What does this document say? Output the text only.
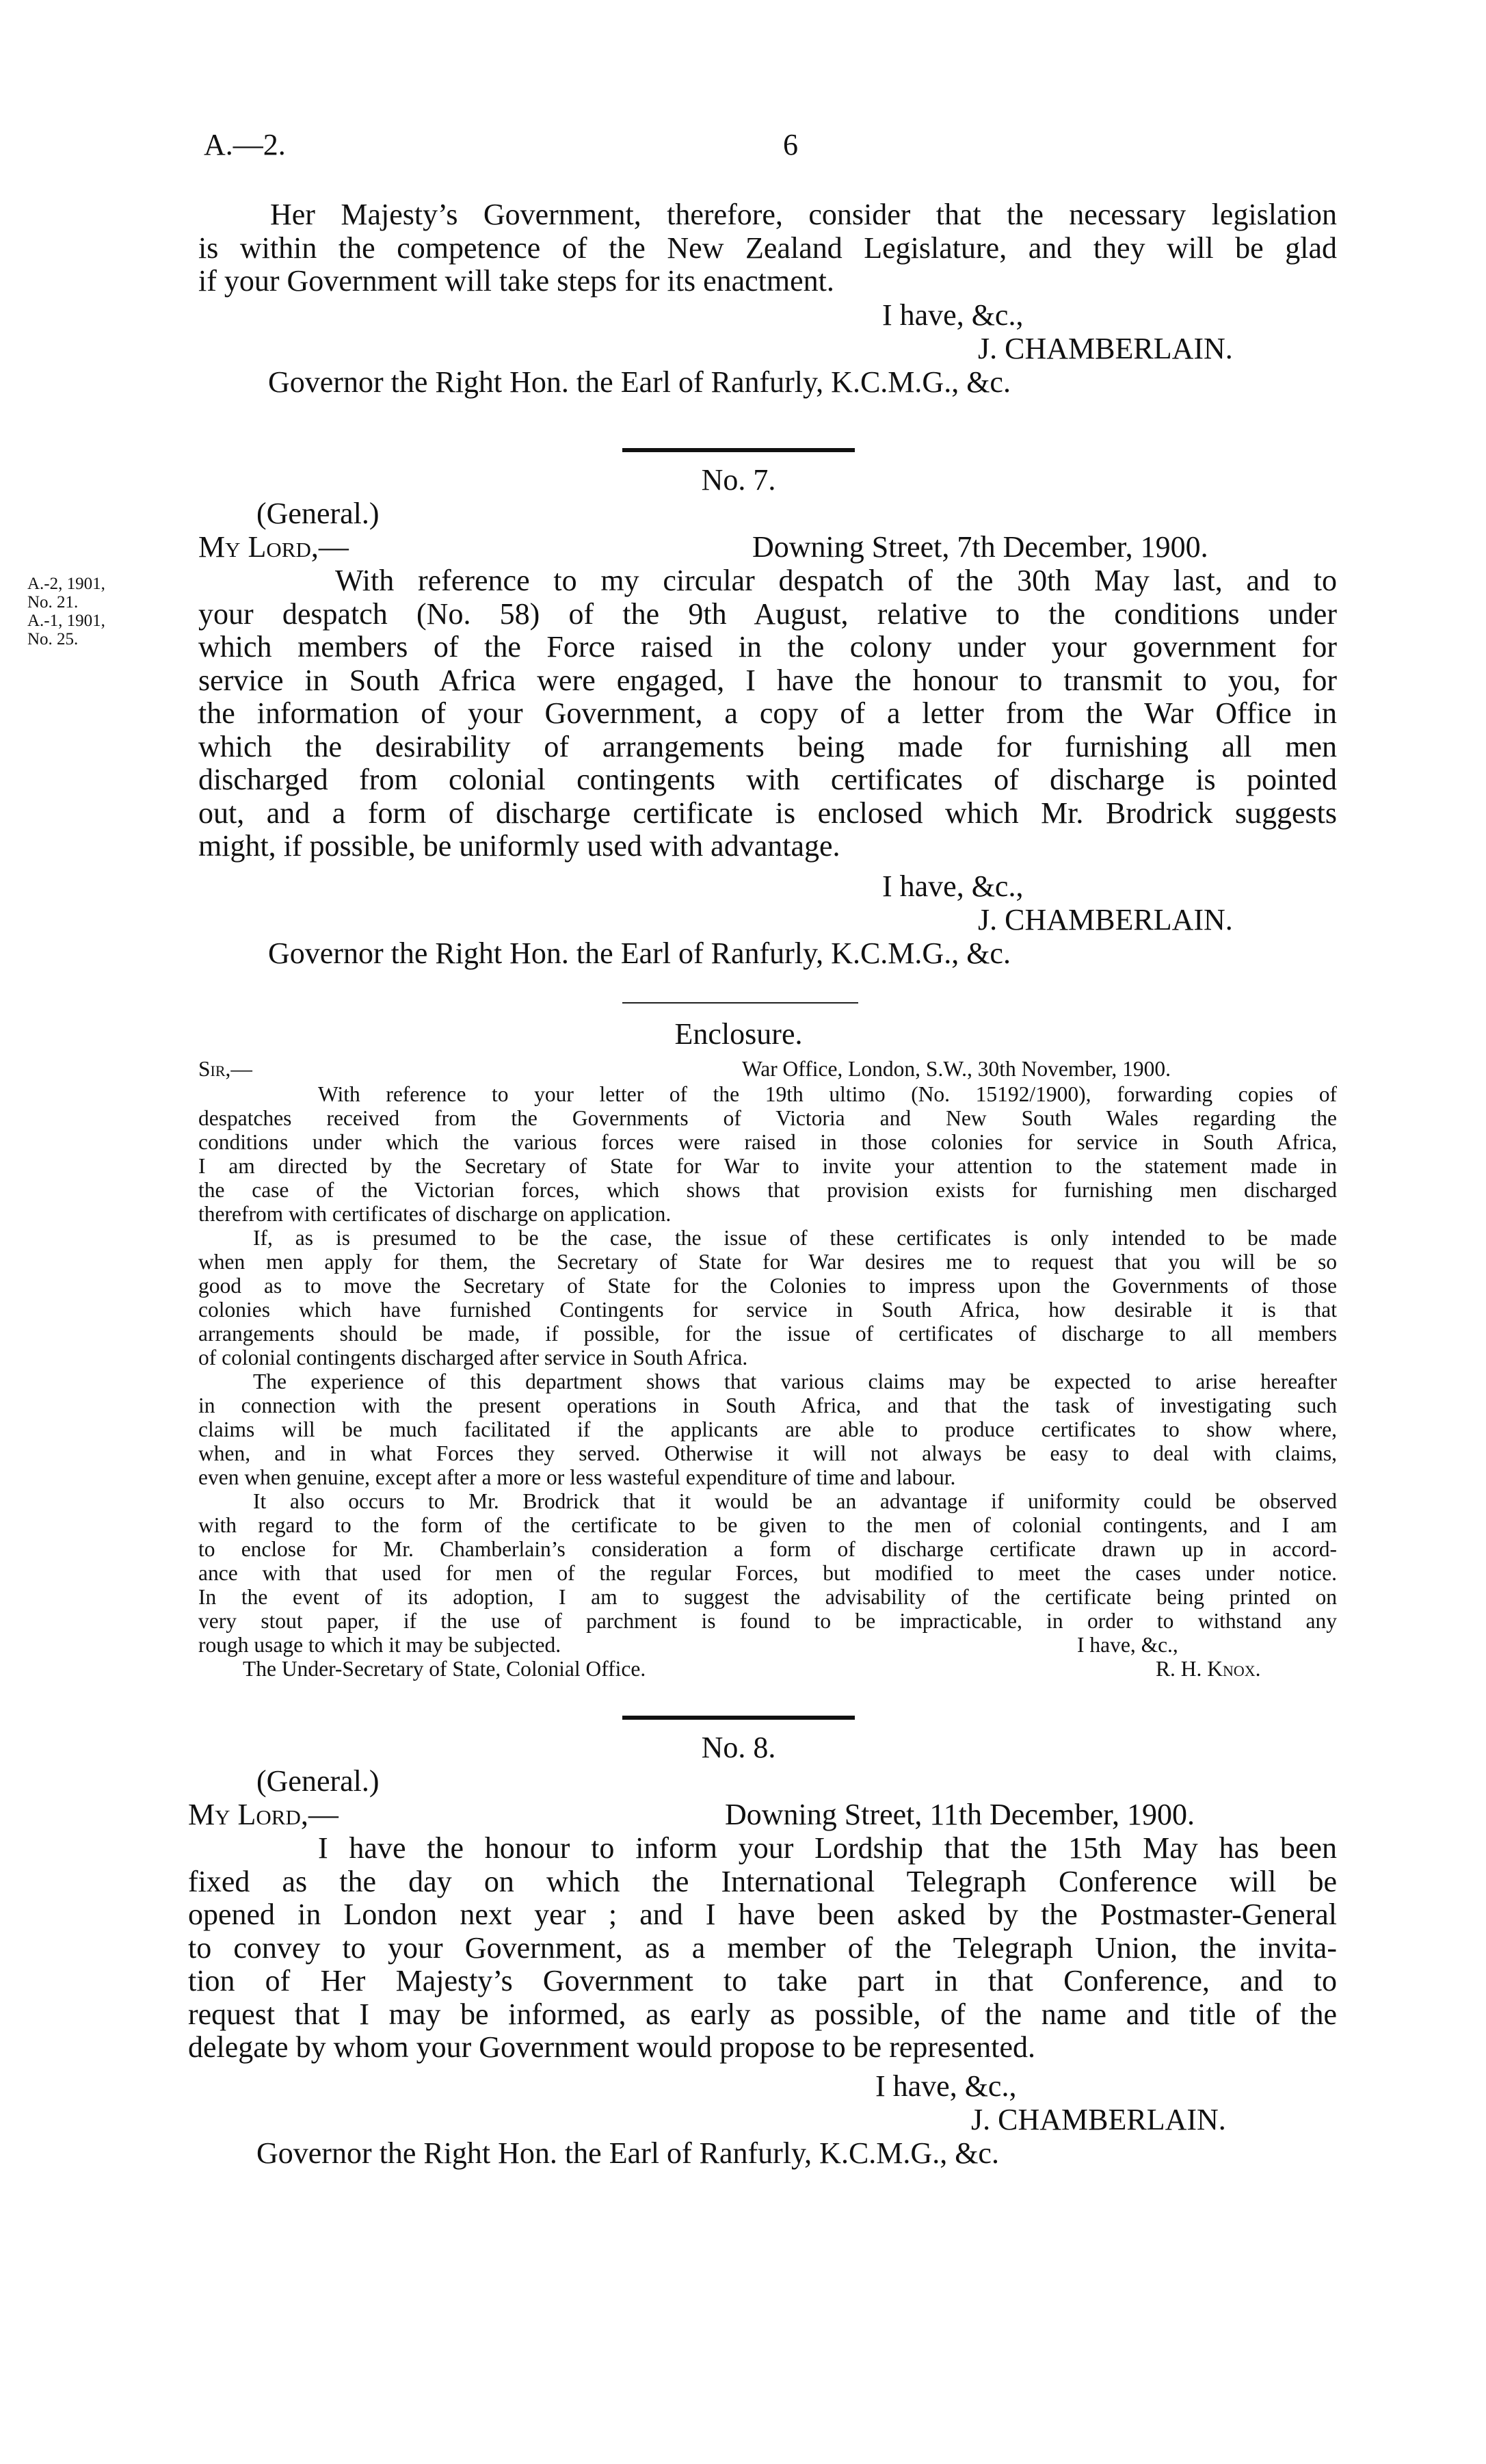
A.—2.	6
Her Majesty’s Government, therefore, consider that the necessary legislation
is within the competence of the New Zealand Legislature, and they will be glad
if your Government will take steps for its enactment.
I have, &c.,
J. CHAMBERLAIN.
Governor the Right Hon. the Earl of Ranfurly, K.C.M.G., &c.
No. 7.
(General.)
My Lord,—	Downing Street, 7th December, 1900.
A.-2, 1901,
No. 21.
A.-1, 1901,
No. 25.
With reference to my circular despatch of the 30th May last, and to
your despatch (No. 58) of the 9th August, relative to the conditions under
which members of the Force raised in the colony under your government for
service in South Africa were engaged, I have the honour to transmit to you, for
the information of your Government, a copy of a letter from the War Office in
which the desirability of arrangements being made for furnishing all men
discharged from colonial contingents with certificates of discharge is pointed
out, and a form of discharge certificate is enclosed which Mr. Brodrick suggests
might, if possible, be uniformly used with advantage.
I have, &c.,
J. CHAMBERLAIN.
Governor the Right Hon. the Earl of Ranfurly, K.C.M.G., &c.
Enclosure.
Sir,—	War Office, London, S.W., 30th November, 1900.
With reference to your letter of the 19th ultimo (No. 15192/1900), forwarding copies of
despatches received from the Governments of Victoria and New South Wales regarding the
conditions under which the various forces were raised in those colonies for service in South Africa,
I am directed by the Secretary of State for War to invite your attention to the statement made in
the case of the Victorian forces, which shows that provision exists for furnishing men discharged
therefrom with certificates of discharge on application.
If, as is presumed to be the case, the issue of these certificates is only intended to be made
when men apply for them, the Secretary of State for War desires me to request that you will be so
good as to move the Secretary of State for the Colonies to impress upon the Governments of those
colonies which have furnished Contingents for service in South Africa, how desirable it is that
arrangements should be made, if possible, for the issue of certificates of discharge to all members
of colonial contingents discharged after service in South Africa.
The experience of this department shows that various claims may be expected to arise hereafter
in connection with the present operations in South Africa, and that the task of investigating such
claims will be much facilitated if the applicants are able to produce certificates to show where,
when, and in what Forces they served. Otherwise it will not always be easy to deal with claims,
even when genuine, except after a more or less wasteful expenditure of time and labour.
It also occurs to Mr. Brodrick that it would be an advantage if uniformity could be observed
with regard to the form of the certificate to be given to the men of colonial contingents, and I am
to enclose for Mr. Chamberlain’s consideration a form of discharge certificate drawn up in accord-
ance with that used for men of the regular Forces, but modified to meet the cases under notice.
In the event of its adoption, I am to suggest the advisability of the certificate being printed on
very stout paper, if the use of parchment is found to be impracticable, in order to withstand any
rough usage to which it may be subjected.	I have, &c.,
The Under-Secretary of State, Colonial Office.	R. H. Knox.
No. 8.
(General.)
My Lord,—	Downing Street, 11th December, 1900.
I have the honour to inform your Lordship that the 15th May has been
fixed as the day on which the International Telegraph Conference will be
opened in London next year ; and I have been asked by the Postmaster-General
to convey to your Government, as a member of the Telegraph Union, the invita-
tion of Her Majesty’s Government to take part in that Conference, and to
request that I may be informed, as early as possible, of the name and title of the
delegate by whom your Government would propose to be represented.
I have, &c.,
J. CHAMBERLAIN.
Governor the Right Hon. the Earl of Ranfurly, K.C.M.G., &c.
